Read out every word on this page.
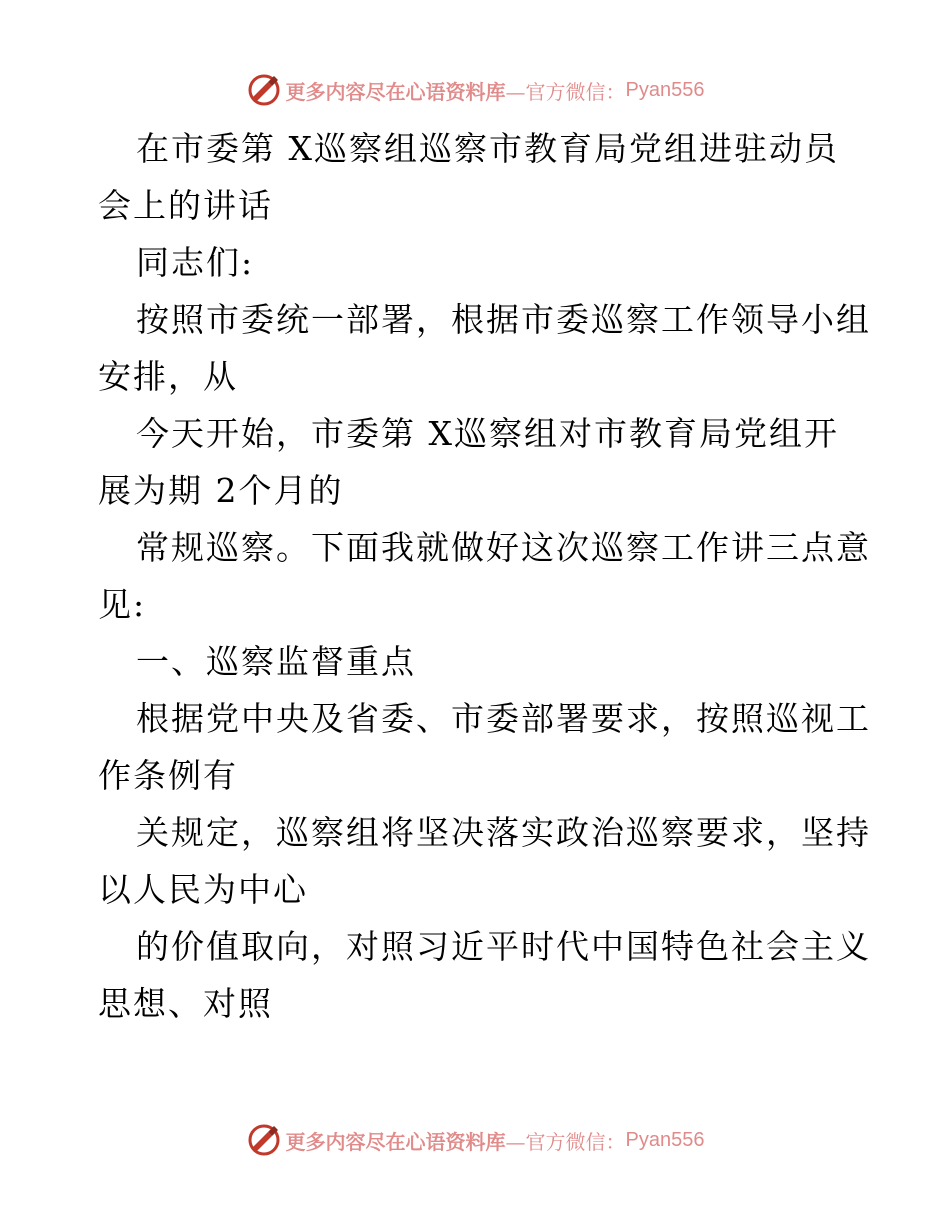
更多内容尽在心语资料库 —官方微信： Pyan556
在市委第 X巡察组巡察市教育局党组进驻动员
会上的讲话
同志们:
按照市委统一部署，根据市委巡察工作领导小组
安排，从
今天开始，市委第 X巡察组对市教育局党组开
展为期 2个月的
常规巡察。下面我就做好这次巡察工作讲三点意
见:
一、巡察监督重点
根据党中央及省委、市委部署要求，按照巡视工
作条例有
关规定，巡察组将坚决落实政治巡察要求，坚持
以人民为中心
的价值取向，对照习近平时代中国特色社会主义
思想、对照
更多内容尽在心语资料库 —官方微信： Pyan556
